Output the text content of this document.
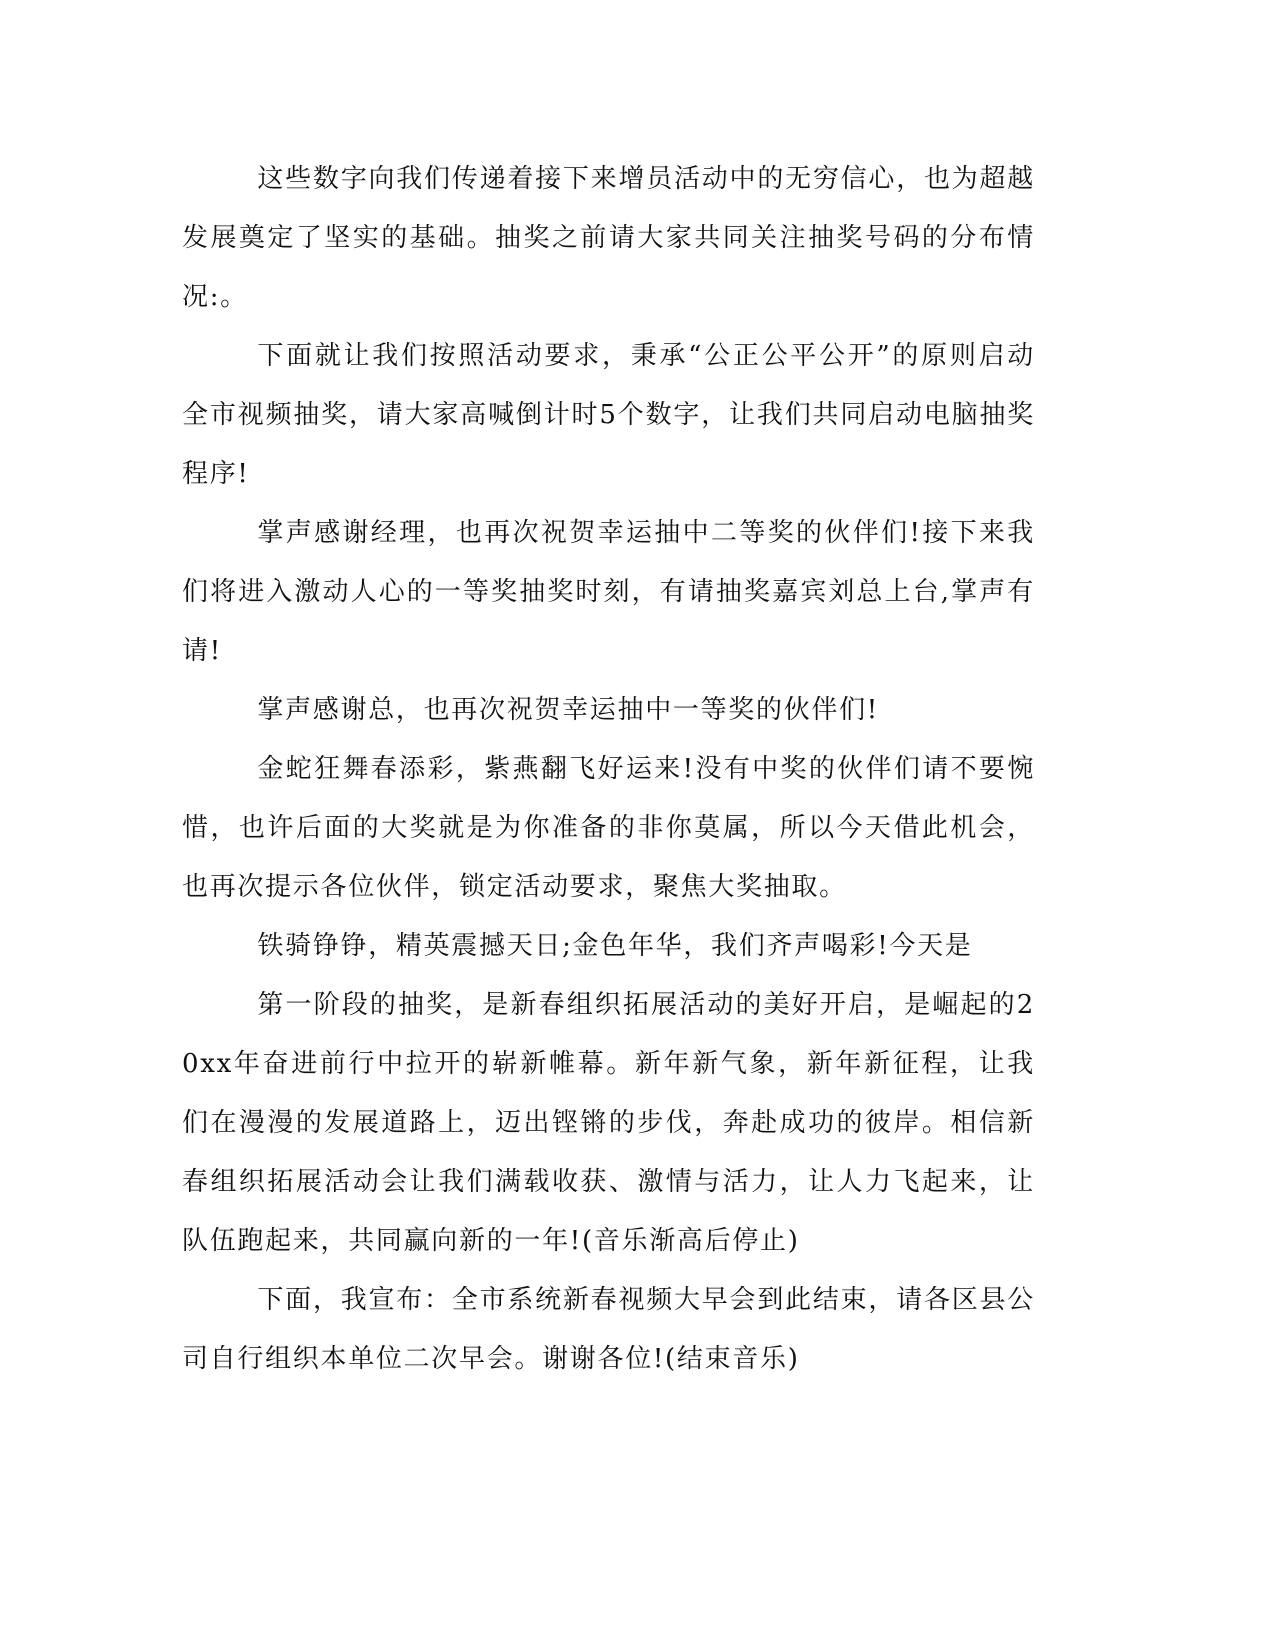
这些数字向我们传递着接下来增员活动中的无穷信心，也为超越发展奠定了坚实的基础。抽奖之前请大家共同关注抽奖号码的分布情况:。

下面就让我们按照活动要求，秉承“公正公平公开”的原则启动全市视频抽奖，请大家高喊倒计时5个数字，让我们共同启动电脑抽奖程序!

掌声感谢经理，也再次祝贺幸运抽中二等奖的伙伴们!接下来我们将进入激动人心的一等奖抽奖时刻，有请抽奖嘉宾刘总上台,掌声有请!

掌声感谢总，也再次祝贺幸运抽中一等奖的伙伴们!

金蛇狂舞春添彩，紫燕翻飞好运来!没有中奖的伙伴们请不要惋惜，也许后面的大奖就是为你准备的非你莫属，所以今天借此机会，也再次提示各位伙伴，锁定活动要求，聚焦大奖抽取。

铁骑铮铮，精英震撼天日;金色年华，我们齐声喝彩!今天是

第一阶段的抽奖，是新春组织拓展活动的美好开启，是崛起的20xx年奋进前行中拉开的崭新帷幕。新年新气象，新年新征程，让我们在漫漫的发展道路上，迈出铿锵的步伐，奔赴成功的彼岸。相信新春组织拓展活动会让我们满载收获、激情与活力，让人力飞起来，让队伍跑起来，共同赢向新的一年!(音乐渐高后停止)

下面，我宣布：全市系统新春视频大早会到此结束，请各区县公司自行组织本单位二次早会。谢谢各位!(结束音乐)
